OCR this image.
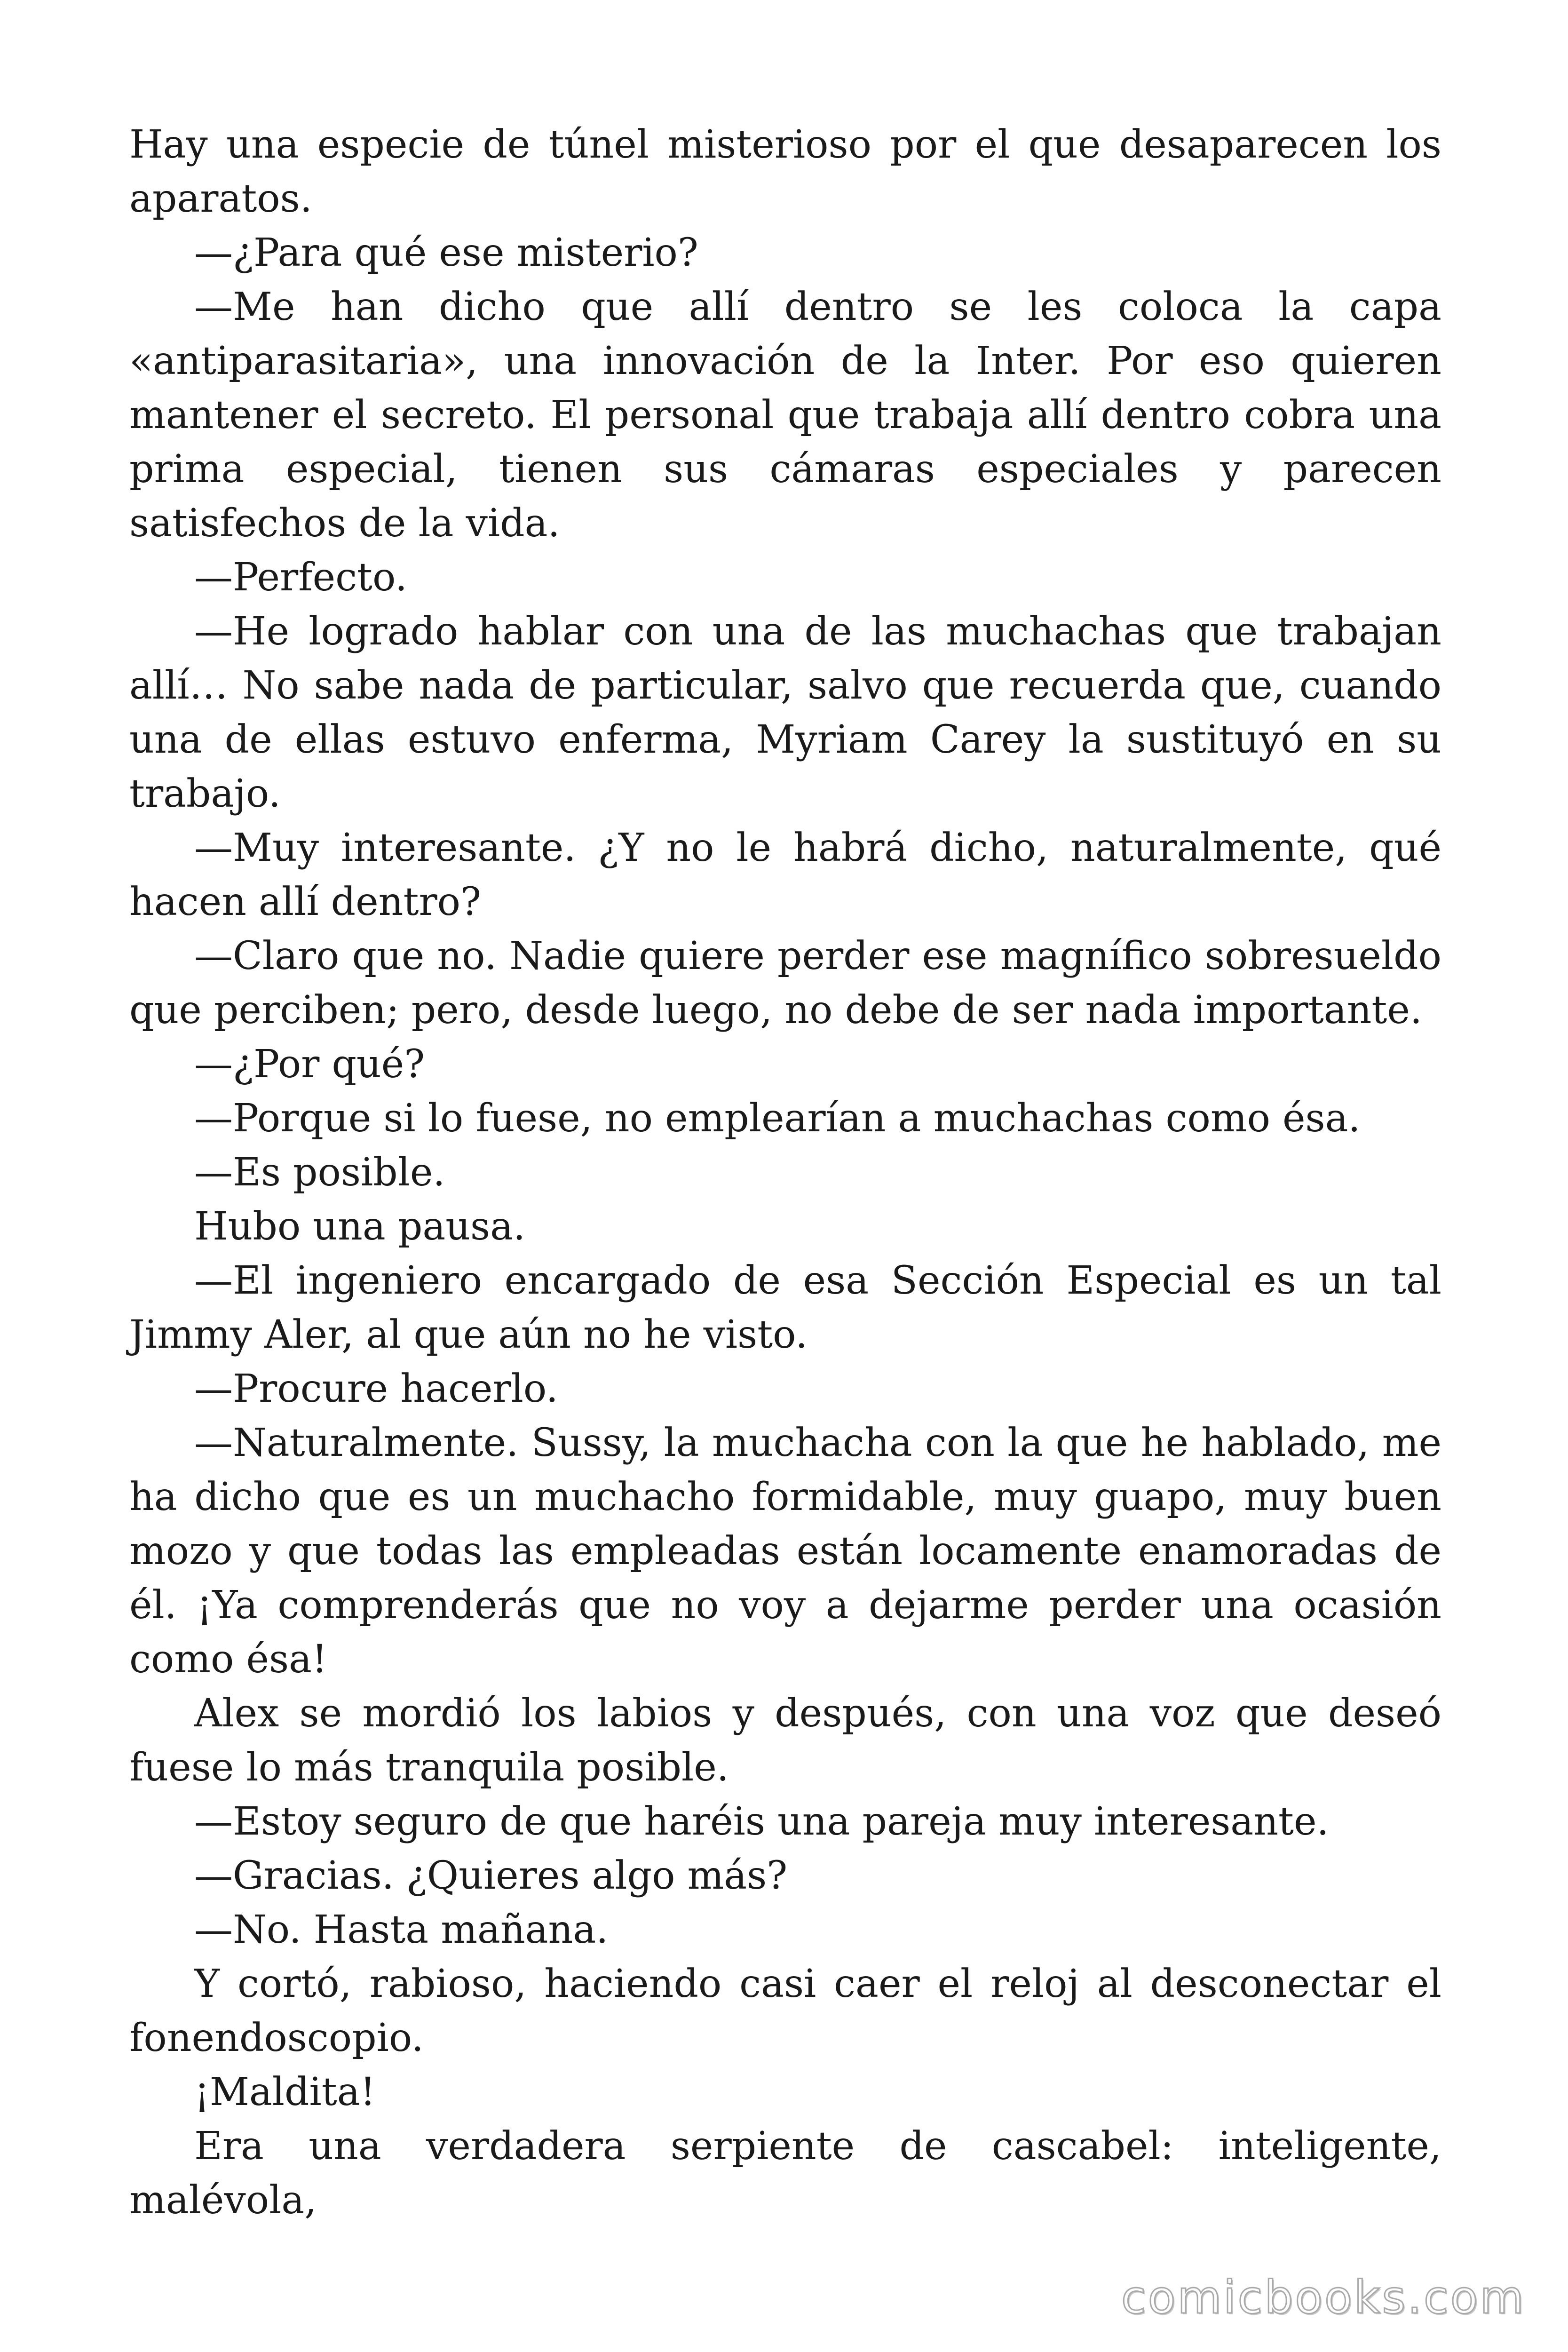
Hay una especie de túnel misterioso por el que desaparecen los aparatos.

—¿Para qué ese misterio?

—Me han dicho que allí dentro se les coloca la capa «antiparasitaria», una innovación de la Inter. Por eso quieren mantener el secreto. El personal que trabaja allí dentro cobra una prima especial, tienen sus cámaras especiales y parecen satisfechos de la vida.

—Perfecto.

—He logrado hablar con una de las muchachas que trabajan allí… No sabe nada de particular, salvo que recuerda que, cuando una de ellas estuvo enferma, Myriam Carey la sustituyó en su trabajo.

—Muy interesante. ¿Y no le habrá dicho, naturalmente, qué hacen allí dentro?

—Claro que no. Nadie quiere perder ese magnífico sobresueldo que perciben; pero, desde luego, no debe de ser nada importante.

—¿Por qué?

—Porque si lo fuese, no emplearían a muchachas como ésa.

—Es posible.

Hubo una pausa.

—El ingeniero encargado de esa Sección Especial es un tal Jimmy Aler, al que aún no he visto.

—Procure hacerlo.

—Naturalmente. Sussy, la muchacha con la que he hablado, me ha dicho que es un muchacho formidable, muy guapo, muy buen mozo y que todas las empleadas están locamente enamoradas de él. ¡Ya comprenderás que no voy a dejarme perder una ocasión como ésa!

Alex se mordió los labios y después, con una voz que deseó fuese lo más tranquila posible.

—Estoy seguro de que haréis una pareja muy interesante.

—Gracias. ¿Quieres algo más?

—No. Hasta mañana.

Y cortó, rabioso, haciendo casi caer el reloj al desconectar el fonendoscopio.

¡Maldita!

Era una verdadera serpiente de cascabel: inteligente, malévola,

comicbooks.com
